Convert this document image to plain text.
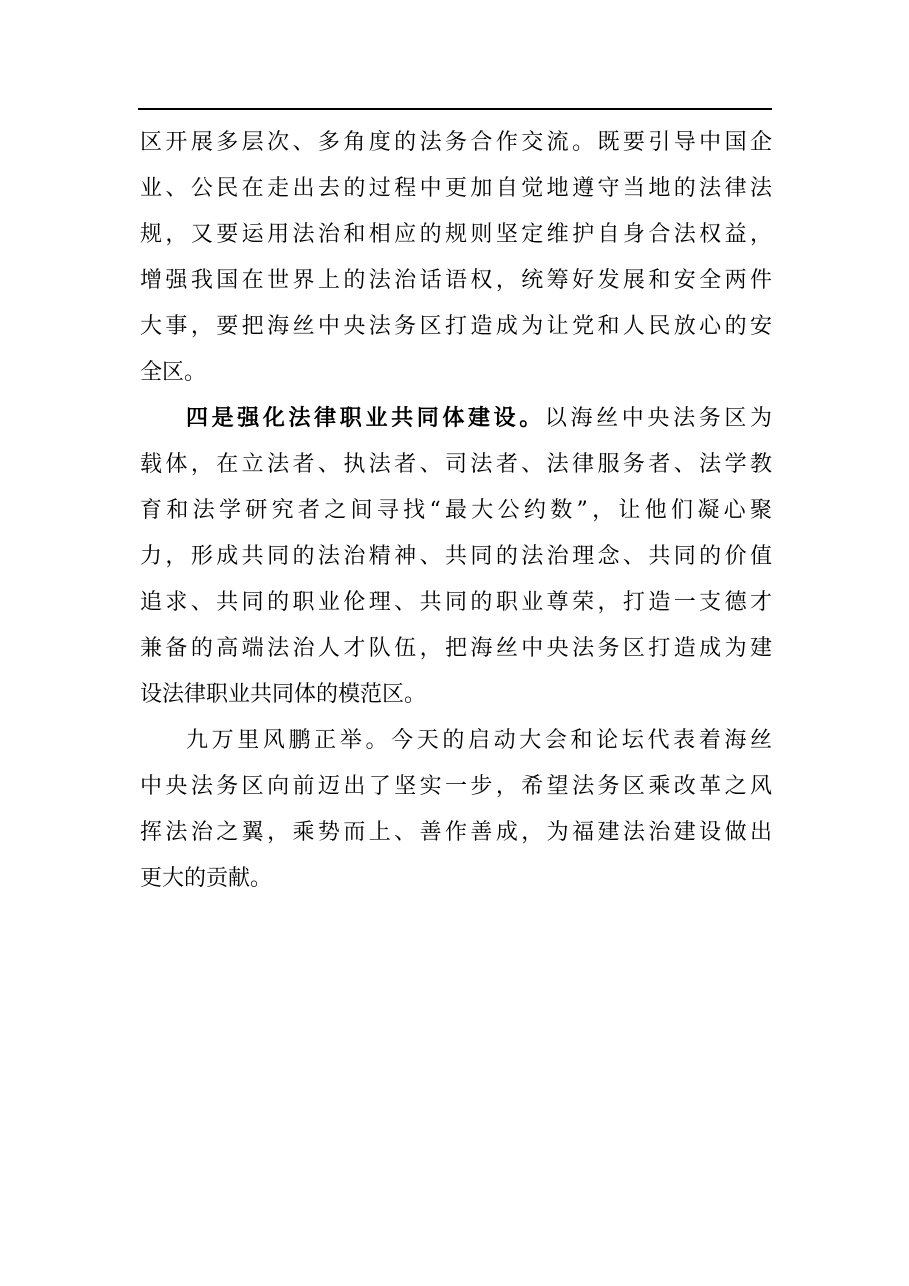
区开展多层次、多角度的法务合作交流。既要引导中国企
业、公民在走出去的过程中更加自觉地遵守当地的法律法
规，又要运用法治和相应的规则坚定维护自身合法权益，
增强我国在世界上的法治话语权，统筹好发展和安全两件
大事，要把海丝中央法务区打造成为让党和人民放心的安
全区。
四是强化法律职业共同体建设。以海丝中央法务区为
载体，在立法者、执法者、司法者、法律服务者、法学教
育和法学研究者之间寻找“最大公约数”，让他们凝心聚
力，形成共同的法治精神、共同的法治理念、共同的价值
追求、共同的职业伦理、共同的职业尊荣，打造一支德才
兼备的高端法治人才队伍，把海丝中央法务区打造成为建
设法律职业共同体的模范区。
九万里风鹏正举。今天的启动大会和论坛代表着海丝
中央法务区向前迈出了坚实一步，希望法务区乘改革之风
挥法治之翼，乘势而上、善作善成，为福建法治建设做出
更大的贡献。
